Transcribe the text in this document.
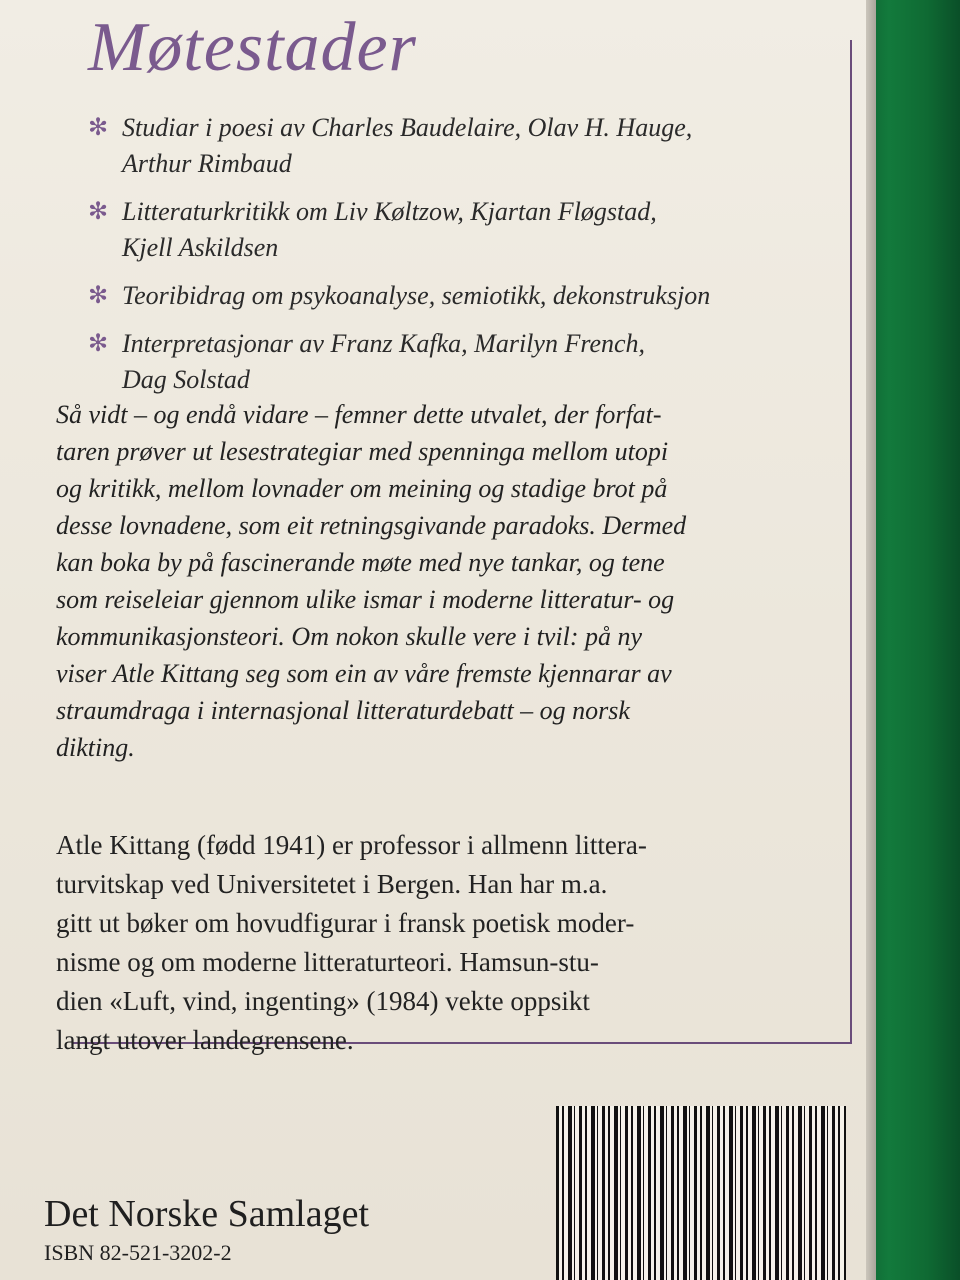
Møtestader
✻ Studiar i poesi av Charles Baudelaire, Olav H. Hauge,
Arthur Rimbaud
✻ Litteraturkritikk om Liv Køltzow, Kjartan Fløgstad,
Kjell Askildsen
✻ Teoribidrag om psykoanalyse, semiotikk, dekonstruksjon
✻ Interpretasjonar av Franz Kafka, Marilyn French,
Dag Solstad

Så vidt – og endå vidare – femner dette utvalet, der forfat-
taren prøver ut lesestrategiar med spenninga mellom utopi
og kritikk, mellom lovnader om meining og stadige brot på
desse lovnadene, som eit retningsgivande paradoks. Dermed
kan boka by på fascinerande møte med nye tankar, og tene
som reiseleiar gjennom ulike ismar i moderne litteratur- og
kommunikasjonsteori. Om nokon skulle vere i tvil: på ny
viser Atle Kittang seg som ein av våre fremste kjennarar av
straumdraga i internasjonal litteraturdebatt – og norsk
dikting.

Atle Kittang (fødd 1941) er professor i allmenn littera-
turvitskap ved Universitetet i Bergen. Han har m.a.
gitt ut bøker om hovudfigurar i fransk poetisk moder-
nisme og om moderne litteraturteori. Hamsun-stu-
dien «Luft, vind, ingenting» (1984) vekte oppsikt
langt utover landegrensene.

Det Norske Samlaget

ISBN 82-521-3202-2
